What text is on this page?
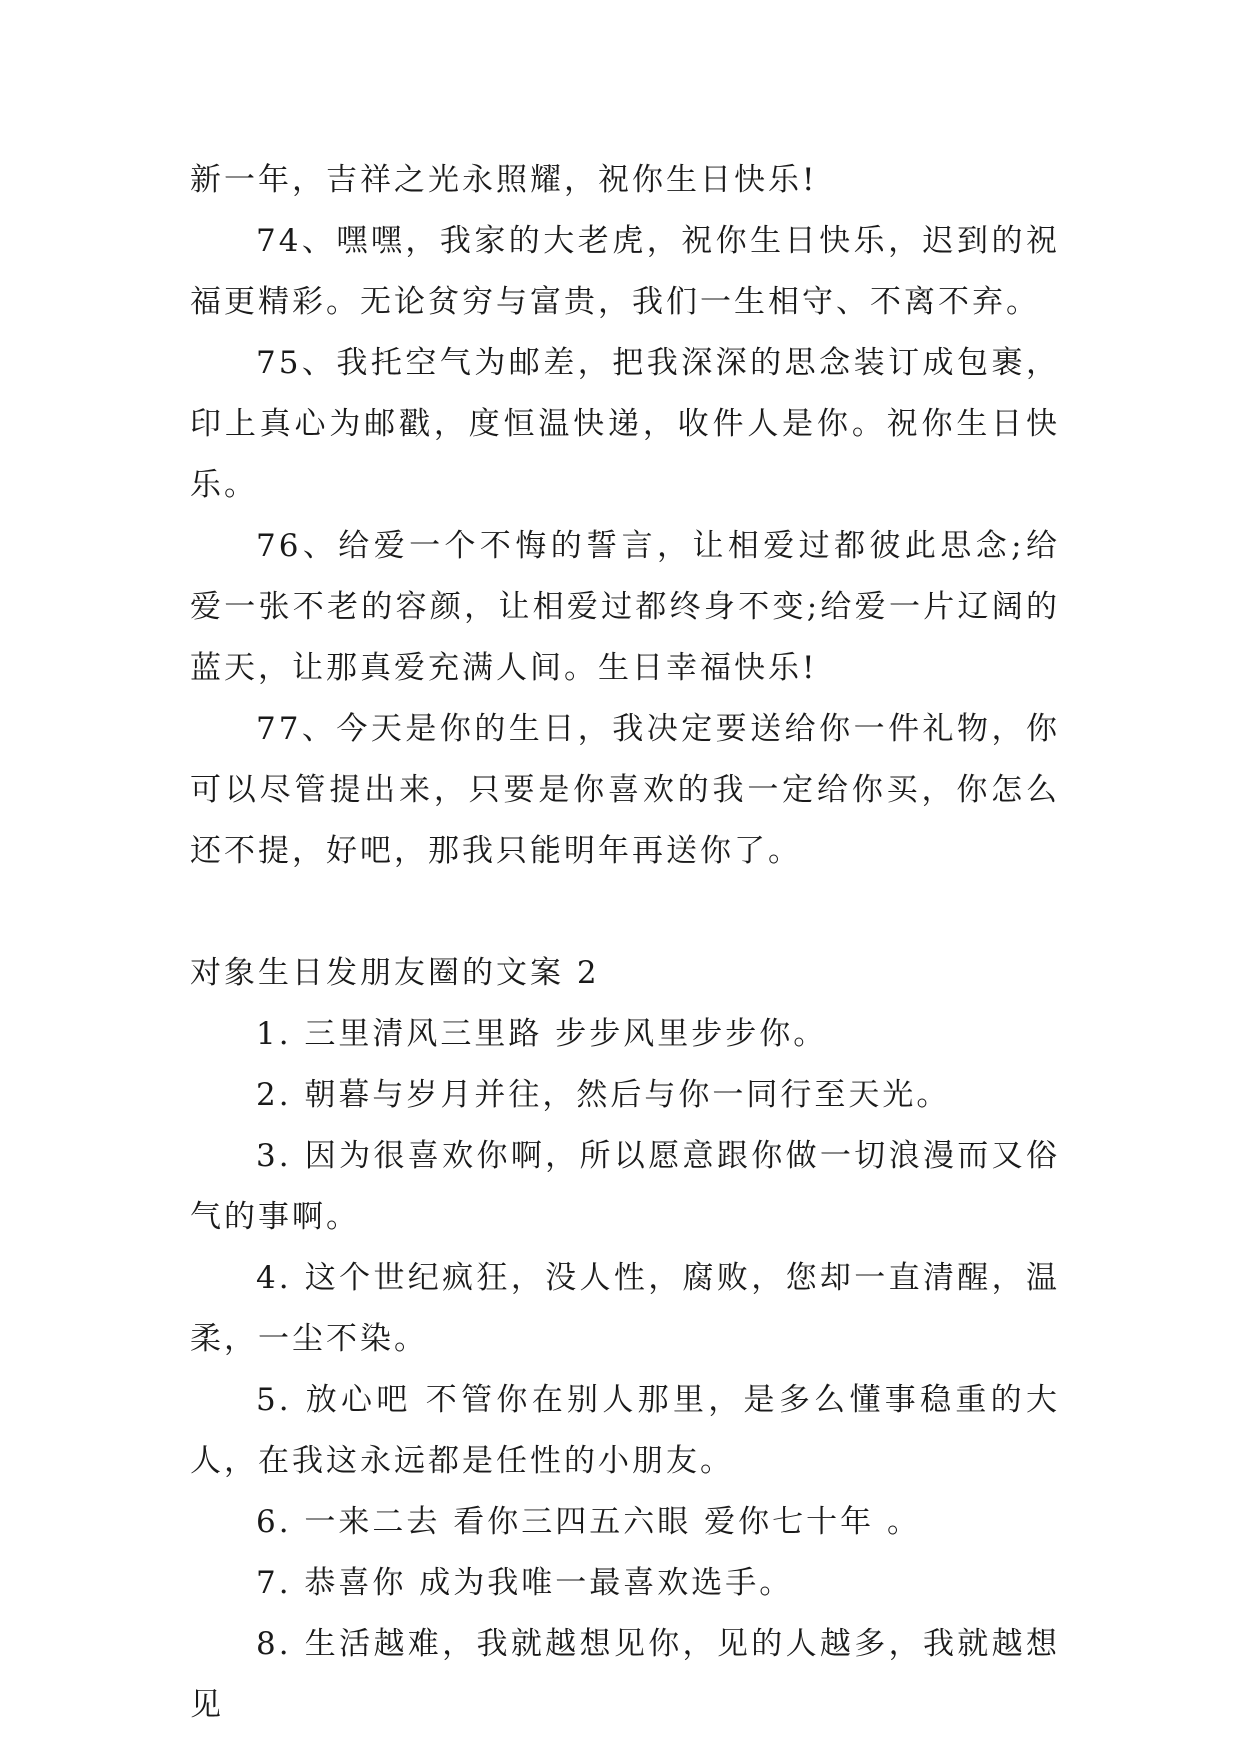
新一年，吉祥之光永照耀，祝你生日快乐!

74、嘿嘿，我家的大老虎，祝你生日快乐，迟到的祝福更精彩。无论贫穷与富贵，我们一生相守、不离不弃。

75、我托空气为邮差，把我深深的思念装订成包裹，印上真心为邮戳，度恒温快递，收件人是你。祝你生日快乐。

76、给爱一个不悔的誓言，让相爱过都彼此思念;给爱一张不老的容颜，让相爱过都终身不变;给爱一片辽阔的蓝天，让那真爱充满人间。生日幸福快乐!

77、今天是你的生日，我决定要送给你一件礼物，你可以尽管提出来，只要是你喜欢的我一定给你买，你怎么还不提，好吧，那我只能明年再送你了。

对象生日发朋友圈的文案 2

1. 三里清风三里路 步步风里步步你。

2. 朝暮与岁月并往，然后与你一同行至天光。

3. 因为很喜欢你啊，所以愿意跟你做一切浪漫而又俗气的事啊。

4. 这个世纪疯狂，没人性，腐败，您却一直清醒，温柔，一尘不染。

5. 放心吧 不管你在别人那里，是多么懂事稳重的大人，在我这永远都是任性的小朋友。

6. 一来二去 看你三四五六眼 爱你七十年 。

7. 恭喜你 成为我唯一最喜欢选手。

8. 生活越难，我就越想见你，见的人越多，我就越想见
